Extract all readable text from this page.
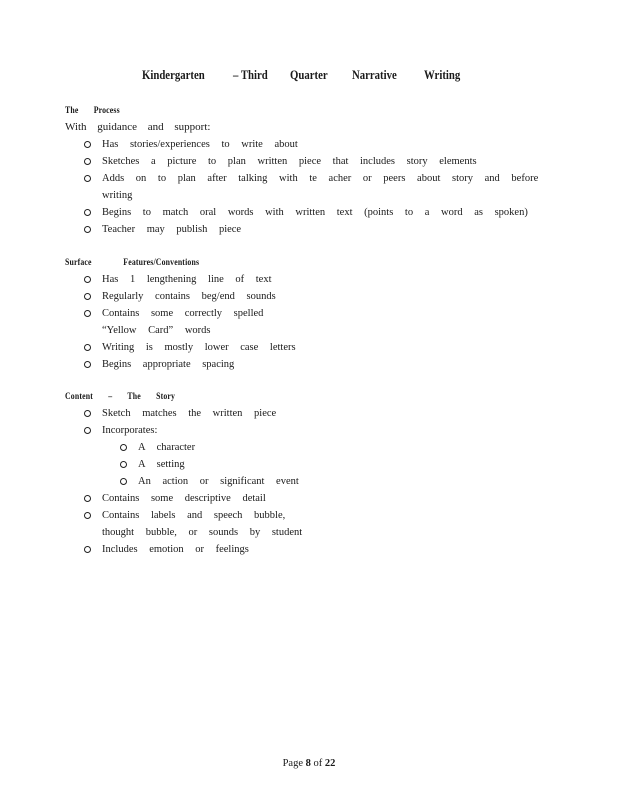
Kindergarten – Third Quarter Narrative Writing
The Process
With guidance and support:
Has stories/experiences to write about
Sketches a picture to plan written piece that includes story elements
Adds on to plan after talking with te acher or peers about story and before
writing
Begins to match oral words with written text (points to a word as spoken)
Teacher may publish piece
Surface Features/Conventions
Has 1 lengthening line of text
Regularly contains beg/end sounds
Contains some correctly spelled
“Yellow Card” words
Writing is mostly lower case letters
Begins appropriate spacing
Content – The Story
Sketch matches the written piece
Incorporates:
A character
A setting
An action or significant event
Contains some descriptive detail
Contains labels and speech bubble,
thought bubble, or sounds by student
Includes emotion or feelings
Page 8 of 22
